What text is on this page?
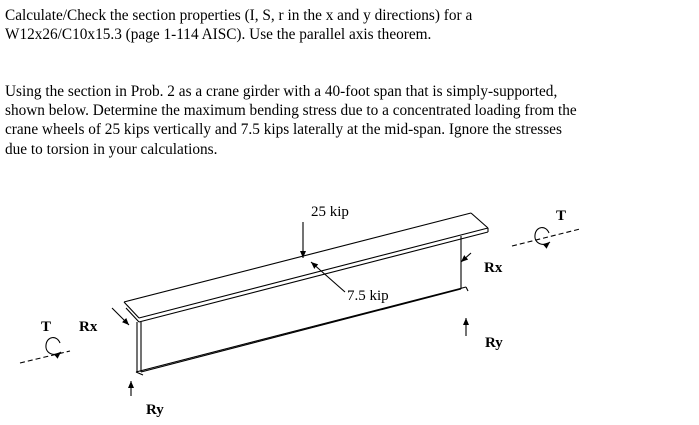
Calculate/Check the section properties (I, S, r in the x and y directions) for a
W12x26/C10x15.3 (page 1-114 AISC). Use the parallel axis theorem.
Using the section in Prob. 2 as a crane girder with a 40-foot span that is simply-supported,
shown below. Determine the maximum bending stress due to a concentrated loading from the
crane wheels of 25 kips vertically and 7.5 kips laterally at the mid-span. Ignore the stresses
due to torsion in your calculations.
25 kip
7.5 kip
T
Rx
Ry
T Rx
Ry
